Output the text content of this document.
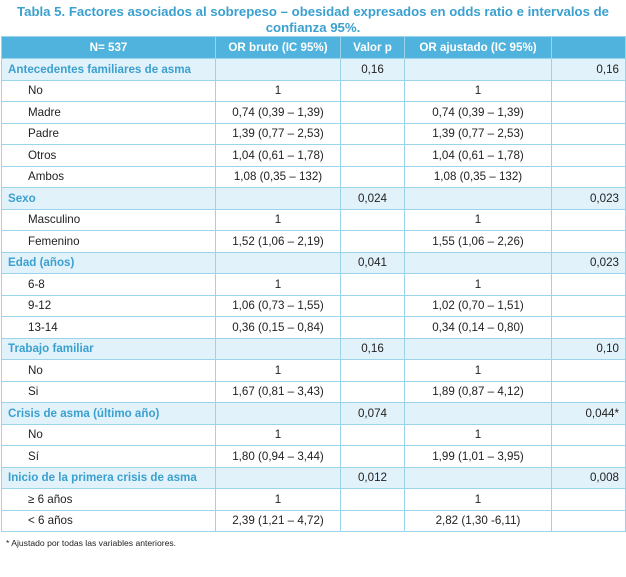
Tabla 5. Factores asociados al sobrepeso – obesidad expresados en odds ratio e intervalos de confianza 95%.
N= 537	OR bruto (IC 95%)	Valor p	OR ajustado (IC 95%)	
Antecedentes familiares de asma		0,16		0,16
No	1		1	
Madre	0,74 (0,39 – 1,39)		0,74 (0,39 – 1,39)	
Padre	1,39 (0,77 – 2,53)		1,39 (0,77 – 2,53)	
Otros	1,04 (0,61 – 1,78)		1,04 (0,61 – 1,78)	
Ambos	1,08 (0,35 – 132)		1,08 (0,35 – 132)	
Sexo		0,024		0,023
Masculino	1		1	
Femenino	1,52 (1,06 – 2,19)		1,55 (1,06 – 2,26)	
Edad (años)		0,041		0,023
6-8	1		1	
9-12	1,06 (0,73 – 1,55)		1,02 (0,70 – 1,51)	
13-14	0,36 (0,15 – 0,84)		0,34 (0,14 – 0,80)	
Trabajo familiar		0,16		0,10
No	1		1	
Si	1,67 (0,81 – 3,43)		1,89 (0,87 – 4,12)	
Crisis de asma (último año)		0,074		0,044*
No	1		1	
Sí	1,80 (0,94 – 3,44)		1,99 (1,01 – 3,95)	
Inicio de la primera crisis de asma		0,012		0,008
≥ 6 años	1		1	
< 6 años	2,39 (1,21 – 4,72)		2,82 (1,30 -6,11)	
* Ajustado por todas las variables anteriores.
